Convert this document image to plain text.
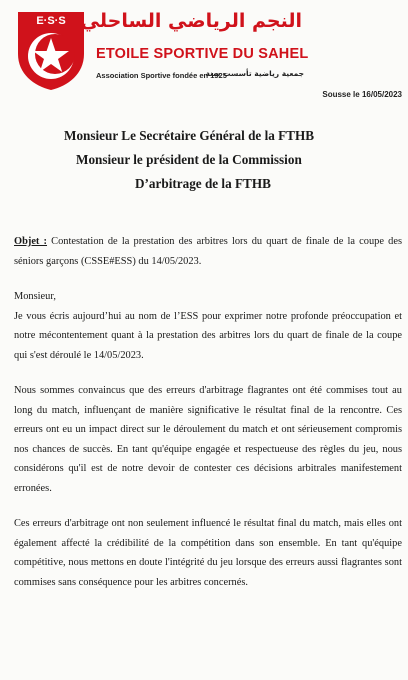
E·S·S النجم الرياضي الساحلي
ETOILE SPORTIVE DU SAHEL
Association Sportive fondée en 1925
جمعية رياضية تأسست سنة
Sousse le 16/05/2023
Monsieur Le Secrétaire Général de la FTHB
Monsieur le président de la Commission
D’arbitrage de la FTHB

Objet : Contestation de la prestation des arbitres lors du quart de finale de la coupe des séniors garçons (CSSE#ESS) du 14/05/2023.

Monsieur,

Je vous écris aujourd’hui au nom de l’ESS pour exprimer notre profonde préoccupation et notre mécontentement quant à la prestation des arbitres lors du quart de finale de la coupe qui s'est déroulé le 14/05/2023.

Nous sommes convaincus que des erreurs d'arbitrage flagrantes ont été commises tout au long du match, influençant de manière significative le résultat final de la rencontre. Ces erreurs ont eu un impact direct sur le déroulement du match et ont sérieusement compromis nos chances de succès. En tant qu'équipe engagée et respectueuse des règles du jeu, nous considérons qu'il est de notre devoir de contester ces décisions arbitrales manifestement erronées.

Ces erreurs d'arbitrage ont non seulement influencé le résultat final du match, mais elles ont également affecté la crédibilité de la compétition dans son ensemble. En tant qu'équipe compétitive, nous mettons en doute l'intégrité du jeu lorsque des erreurs aussi flagrantes sont commises sans conséquence pour les arbitres concernés.
